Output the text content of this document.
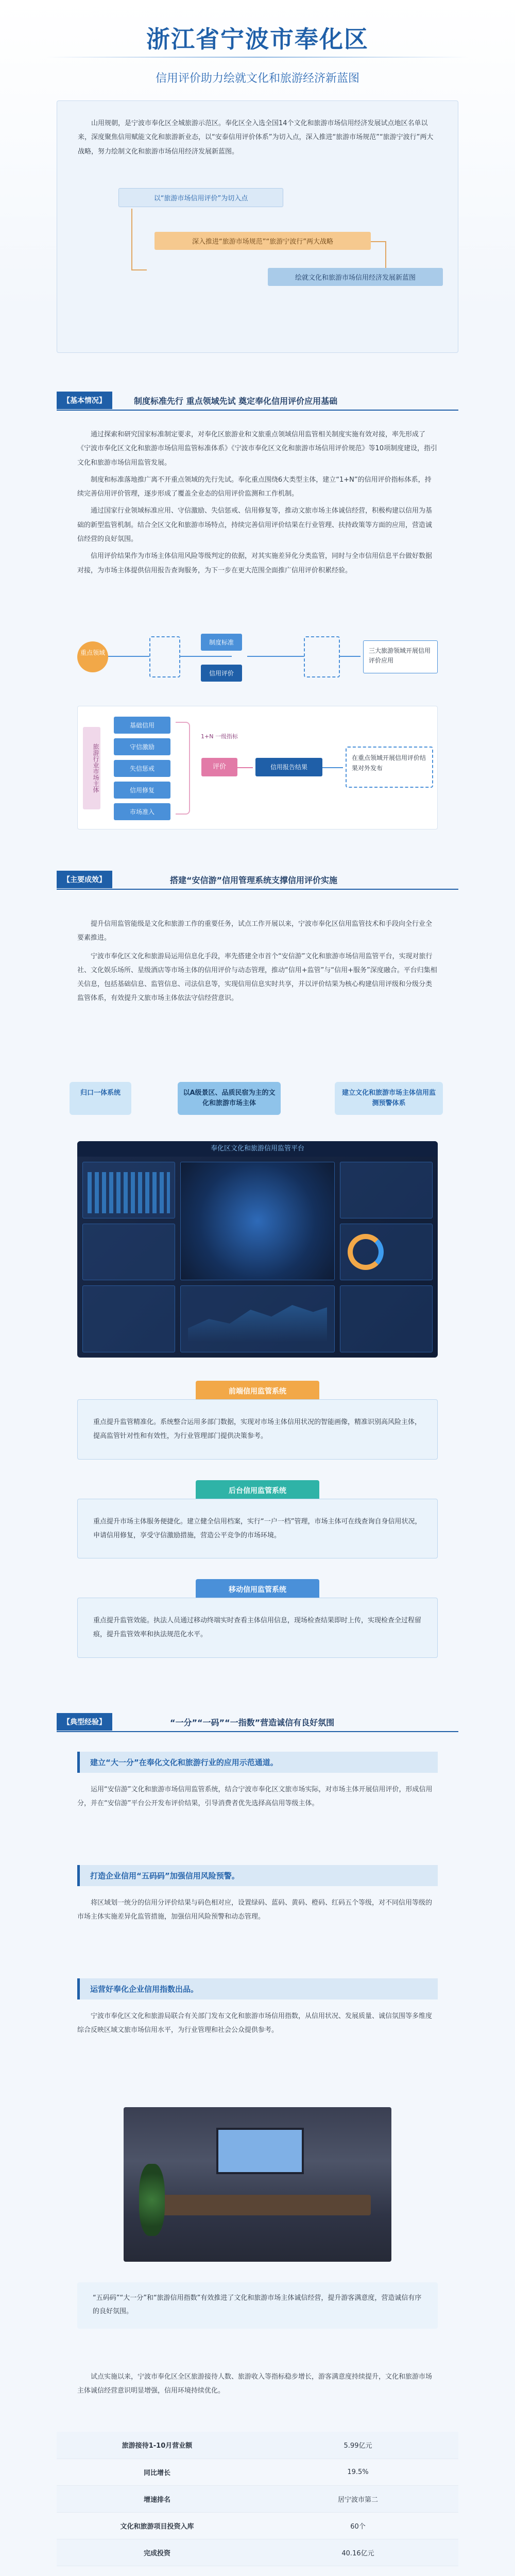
浙江省宁波市奉化区
信用评价助力绘就文化和旅游经济新蓝图

山用规朝，是宁波市奉化区全城旅游示范区。奉化区全入选全国14个文化和旅游市场信用经济发展试点地区名单以来，深度聚焦信用赋能文化和旅游新业态，以“安泰信用评价体系”为切入点，深入推进“旅游市场规范”“旅游宁波行”两大战略，努力绘制文化和旅游市场信用经济发展新蓝图。

以“旅游市场信用评价”为切入点
深入推进“旅游市场规范”“旅游宁波行”两大战略
绘就文化和旅游市场信用经济发展新蓝图
【基本情况】	制度标准先行 重点领域先试 奠定奉化信用评价应用基础

通过探索和研究国家标准制定要求，对奉化区旅游业和文旅重点领域信用监管相关制度实施有效对接，率先形成了《宁波市奉化区文化和旅游市场信用监管标准体系》《宁波市奉化区文化和旅游市场信用评价规范》等10项制度建设，指引文化和旅游市场信用监管发展。

制度和标准落地推广离不开重点领域的先行先试。奉化重点围绕6大类型主体，建立“1+N”的信用评价指标体系，持续完善信用评价管理，逐步形成了覆盖全业态的信用评价监测和工作机制。

通过国家行业领域标准应用、守信激励、失信惩戒、信用修复等，推动文旅市场主体诚信经营，积极构建以信用为基础的新型监管机制。结合全区文化和旅游市场特点，持续完善信用评价结果在行业管理、扶持政策等方面的应用，营造诚信经营的良好氛围。

信用评价结果作为市场主体信用风险等级判定的依据，对其实施差异化分类监管，同时与全市信用信息平台做好数据对接，为市场主体提供信用报告查询服务，为下一步在更大范围全面推广信用评价积累经验。

重点领域
制度标准
信用评价
三大旅游领域开展信用评价应用
旅游行业市场主体
基础信用
守信激励
失信惩戒
信用修复
市场准入
1+N 一级指标
评价	信用报告结果
在重点领域开展信用评价结果对外发布
【主要成效】	搭建“安信游”信用管理系统支撑信用评价实施

提升信用监管能级是文化和旅游工作的重要任务，试点工作开展以来，宁波市奉化区信用监管技术和手段向全行业全要素推进。

宁波市奉化区文化和旅游局运用信息化手段，率先搭建全市首个“安信游”文化和旅游市场信用监管平台，实现对旅行社、文化娱乐场所、星级酒店等市场主体的信用评价与动态管理，推动“信用+监管”与“信用+服务”深度融合。平台归集相关信息，包括基础信息、监管信息、司法信息等，实现信用信息实时共享，并以评价结果为核心构建信用评级和分级分类监管体系，有效提升文旅市场主体依法守信经营意识。

归口一体系统	以A级景区、品质民宿为主的文化和旅游市场主体
建立文化和旅游市场主体信用监测预警体系
奉化区文化和旅游信用监管平台
前端信用监管系统
重点提升监管精准化。系统整合运用多部门数据，实现对市场主体信用状况的智能画像，精准识别高风险主体，提高监管针对性和有效性，为行业管理部门提供决策参考。
后台信用监管系统
重点提升市场主体服务便捷化。建立健全信用档案，实行“一户一档”管理，市场主体可在线查询自身信用状况，申请信用修复，享受守信激励措施，营造公平竞争的市场环境。
移动信用监管系统
重点提升监管效能。执法人员通过移动终端实时查看主体信用信息，现场检查结果即时上传，实现检查全过程留痕，提升监管效率和执法规范化水平。
【典型经验】	“一分”“一码”“一指数”营造诚信有良好氛围
建立“大一分”在奉化文化和旅游行业的应用示范通道。

运用“安信游”文化和旅游市场信用监管系统，结合宁波市奉化区文旅市场实际，对市场主体开展信用评价，形成信用分，并在“安信游”平台公开发布评价结果，引导消费者优先选择高信用等级主体。

打造企业信用“五码码”加强信用风险预警。

将区域划一统分的信用分评价结果与码色相对应，设置绿码、蓝码、黄码、橙码、红码五个等级，对不同信用等级的市场主体实施差异化监管措施，加强信用风险预警和动态管理。

运营好奉化企业信用指数出品。

宁波市奉化区文化和旅游局联合有关部门发布文化和旅游市场信用指数，从信用状况、发展质量、诚信氛围等多维度综合反映区域文旅市场信用水平，为行业管理和社会公众提供参考。

“五码码”“大一分”和“旅游信用指数”有效推进了文化和旅游市场主体诚信经营，提升游客满意度，营造诚信有序的良好氛围。

试点实施以来，宁波市奉化区全区旅游接待人数、旅游收入等指标稳步增长，游客满意度持续提升，文化和旅游市场主体诚信经营意识明显增强，信用环境持续优化。

旅游接待1-10月营业额	5.99亿元
同比增长	19.5%
增速排名	居宁波市第二
文化和旅游项目投资入库	60个
完成投资	40.16亿元
